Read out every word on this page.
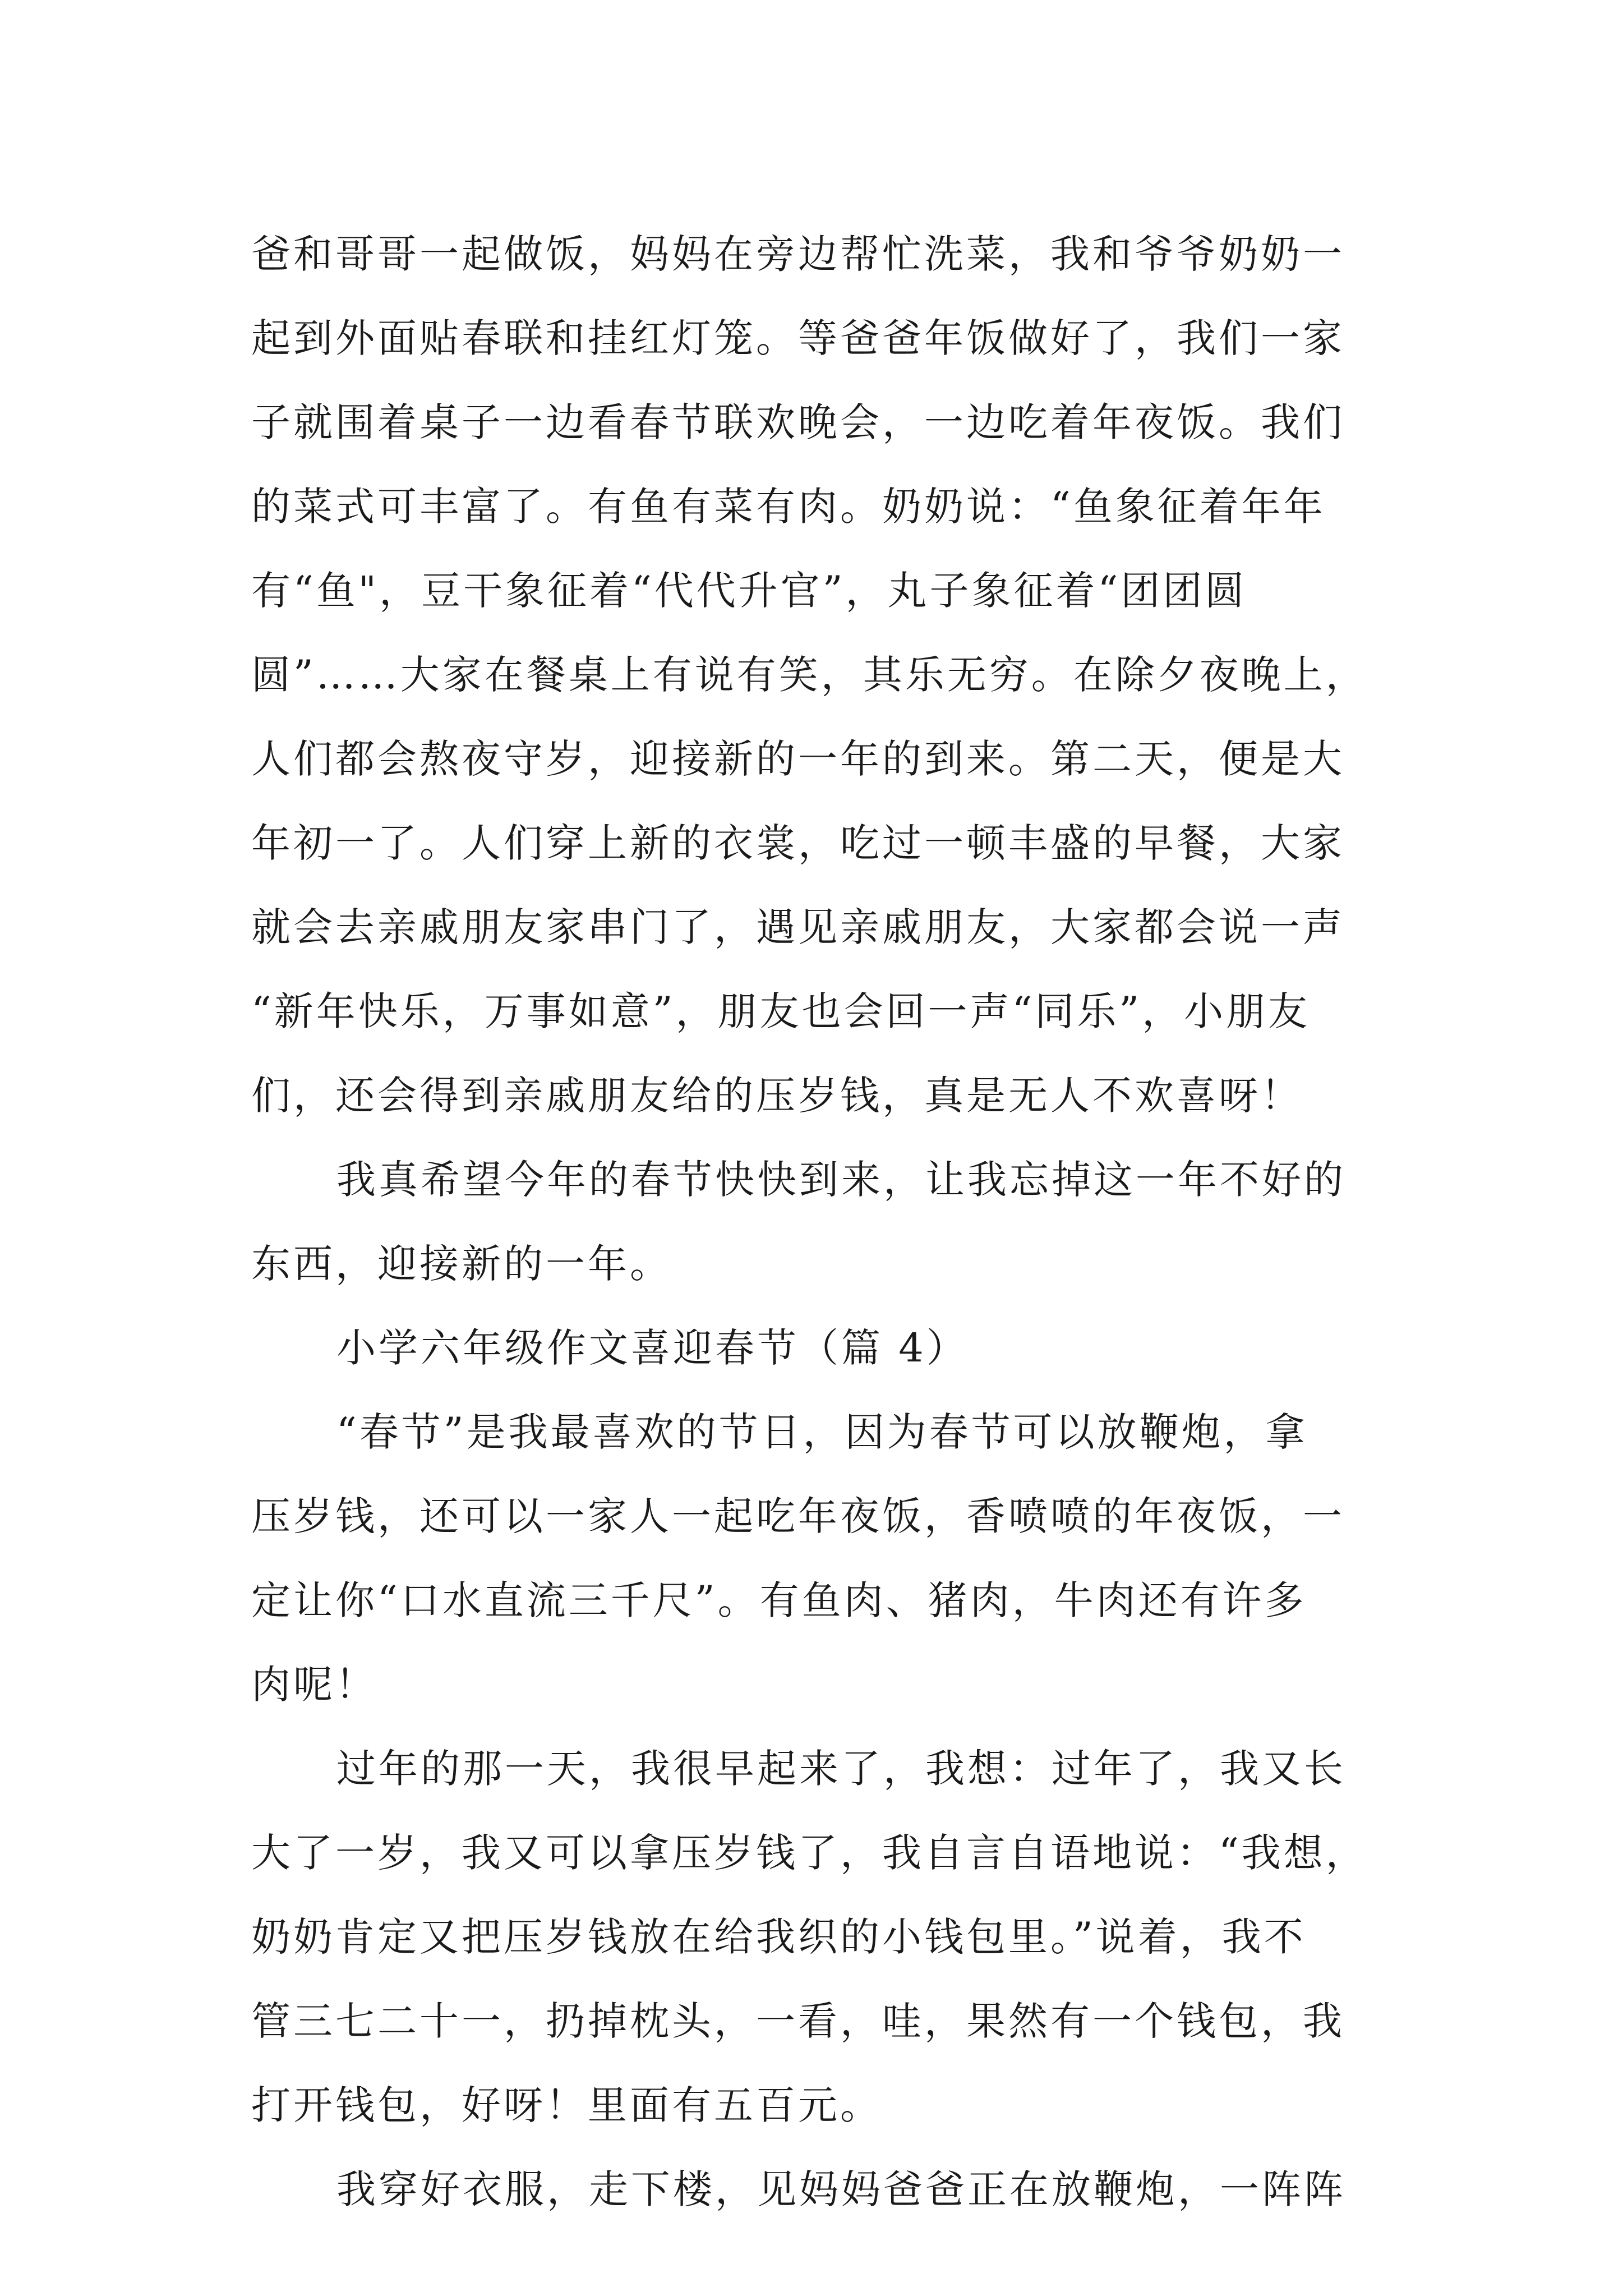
爸和哥哥一起做饭，妈妈在旁边帮忙洗菜，我和爷爷奶奶一
起到外面贴春联和挂红灯笼。等爸爸年饭做好了，我们一家
子就围着桌子一边看春节联欢晚会，一边吃着年夜饭。我们
的菜式可丰富了。有鱼有菜有肉。奶奶说：“鱼象征着年年
有“鱼"，豆干象征着“代代升官”，丸子象征着“团团圆
圆”……大家在餐桌上有说有笑，其乐无穷。在除夕夜晚上，
人们都会熬夜守岁，迎接新的一年的到来。第二天，便是大
年初一了。人们穿上新的衣裳，吃过一顿丰盛的早餐，大家
就会去亲戚朋友家串门了，遇见亲戚朋友，大家都会说一声
“新年快乐，万事如意”，朋友也会回一声“同乐”，小朋友
们，还会得到亲戚朋友给的压岁钱，真是无人不欢喜呀！
我真希望今年的春节快快到来，让我忘掉这一年不好的
东西，迎接新的一年。
小学六年级作文喜迎春节（篇 4）
“春节”是我最喜欢的节日，因为春节可以放鞭炮，拿
压岁钱，还可以一家人一起吃年夜饭，香喷喷的年夜饭，一
定让你“口水直流三千尺”。有鱼肉、猪肉，牛肉还有许多
肉呢！
过年的那一天，我很早起来了，我想：过年了，我又长
大了一岁，我又可以拿压岁钱了，我自言自语地说：“我想，
奶奶肯定又把压岁钱放在给我织的小钱包里。”说着，我不
管三七二十一，扔掉枕头，一看，哇，果然有一个钱包，我
打开钱包，好呀！里面有五百元。
我穿好衣服，走下楼，见妈妈爸爸正在放鞭炮，一阵阵
